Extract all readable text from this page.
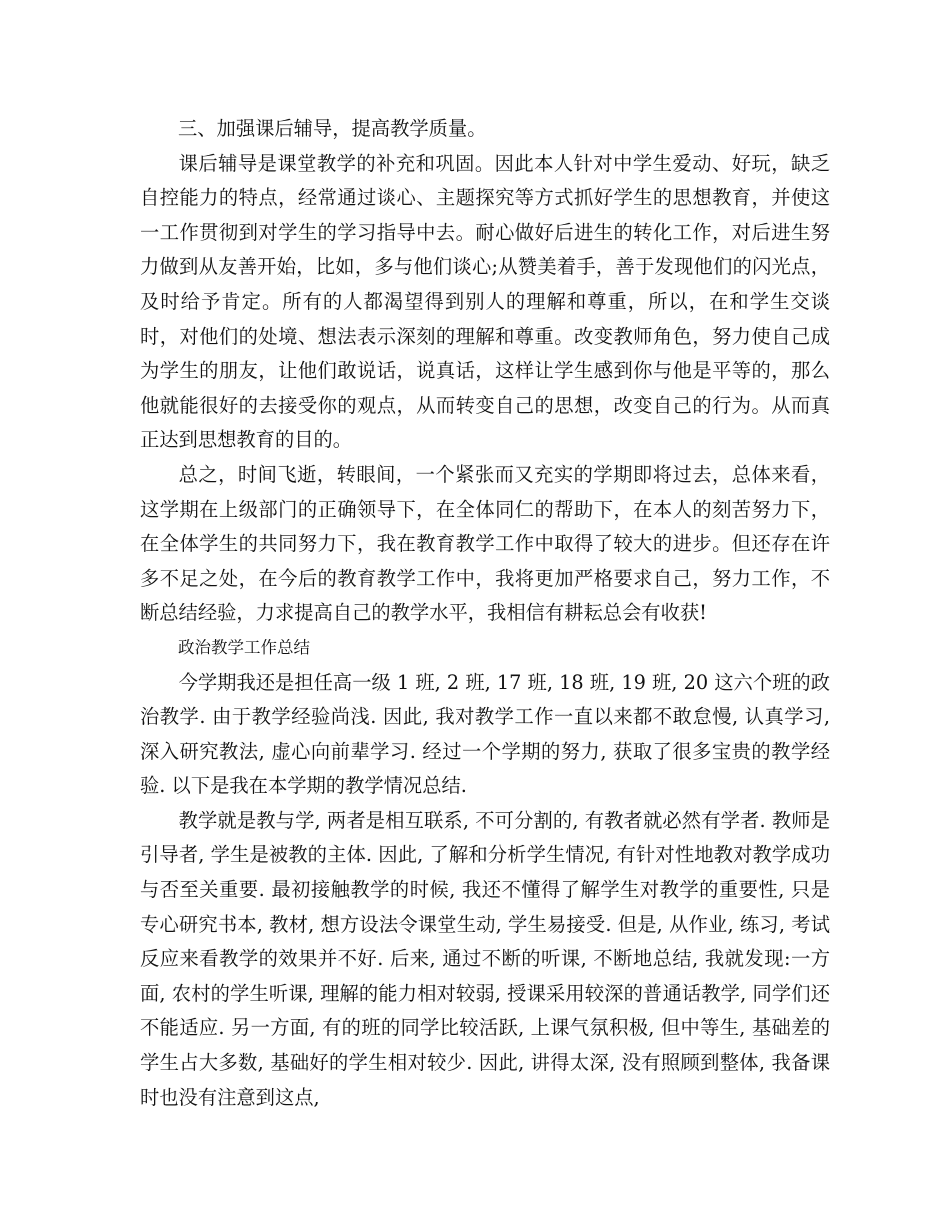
三、加强课后辅导，提高教学质量。

课后辅导是课堂教学的补充和巩固。因此本人针对中学生爱动、好玩，缺乏自控能力的特点，经常通过谈心、主题探究等方式抓好学生的思想教育，并使这一工作贯彻到对学生的学习指导中去。耐心做好后进生的转化工作，对后进生努力做到从友善开始，比如，多与他们谈心;从赞美着手，善于发现他们的闪光点，及时给予肯定。所有的人都渴望得到别人的理解和尊重，所以，在和学生交谈时，对他们的处境、想法表示深刻的理解和尊重。改变教师角色，努力使自己成为学生的朋友，让他们敢说话，说真话，这样让学生感到你与他是平等的，那么他就能很好的去接受你的观点，从而转变自己的思想，改变自己的行为。从而真正达到思想教育的目的。

总之，时间飞逝，转眼间，一个紧张而又充实的学期即将过去，总体来看，这学期在上级部门的正确领导下，在全体同仁的帮助下，在本人的刻苦努力下，在全体学生的共同努力下，我在教育教学工作中取得了较大的进步。但还存在许多不足之处，在今后的教育教学工作中，我将更加严格要求自己，努力工作，不断总结经验，力求提高自己的教学水平，我相信有耕耘总会有收获!

政治教学工作总结

今学期我还是担任高一级 1 班, 2 班, 17 班, 18 班, 19 班, 20 这六个班的政治教学. 由于教学经验尚浅. 因此, 我对教学工作一直以来都不敢怠慢, 认真学习, 深入研究教法, 虚心向前辈学习. 经过一个学期的努力, 获取了很多宝贵的教学经验. 以下是我在本学期的教学情况总结.

教学就是教与学, 两者是相互联系, 不可分割的, 有教者就必然有学者. 教师是引导者, 学生是被教的主体. 因此, 了解和分析学生情况, 有针对性地教对教学成功与否至关重要. 最初接触教学的时候, 我还不懂得了解学生对教学的重要性, 只是专心研究书本, 教材, 想方设法令课堂生动, 学生易接受. 但是, 从作业, 练习, 考试反应来看教学的效果并不好. 后来, 通过不断的听课, 不断地总结, 我就发现:一方面, 农村的学生听课, 理解的能力相对较弱, 授课采用较深的普通话教学, 同学们还不能适应. 另一方面, 有的班的同学比较活跃, 上课气氛积极, 但中等生, 基础差的学生占大多数, 基础好的学生相对较少. 因此, 讲得太深, 没有照顾到整体, 我备课时也没有注意到这点,
